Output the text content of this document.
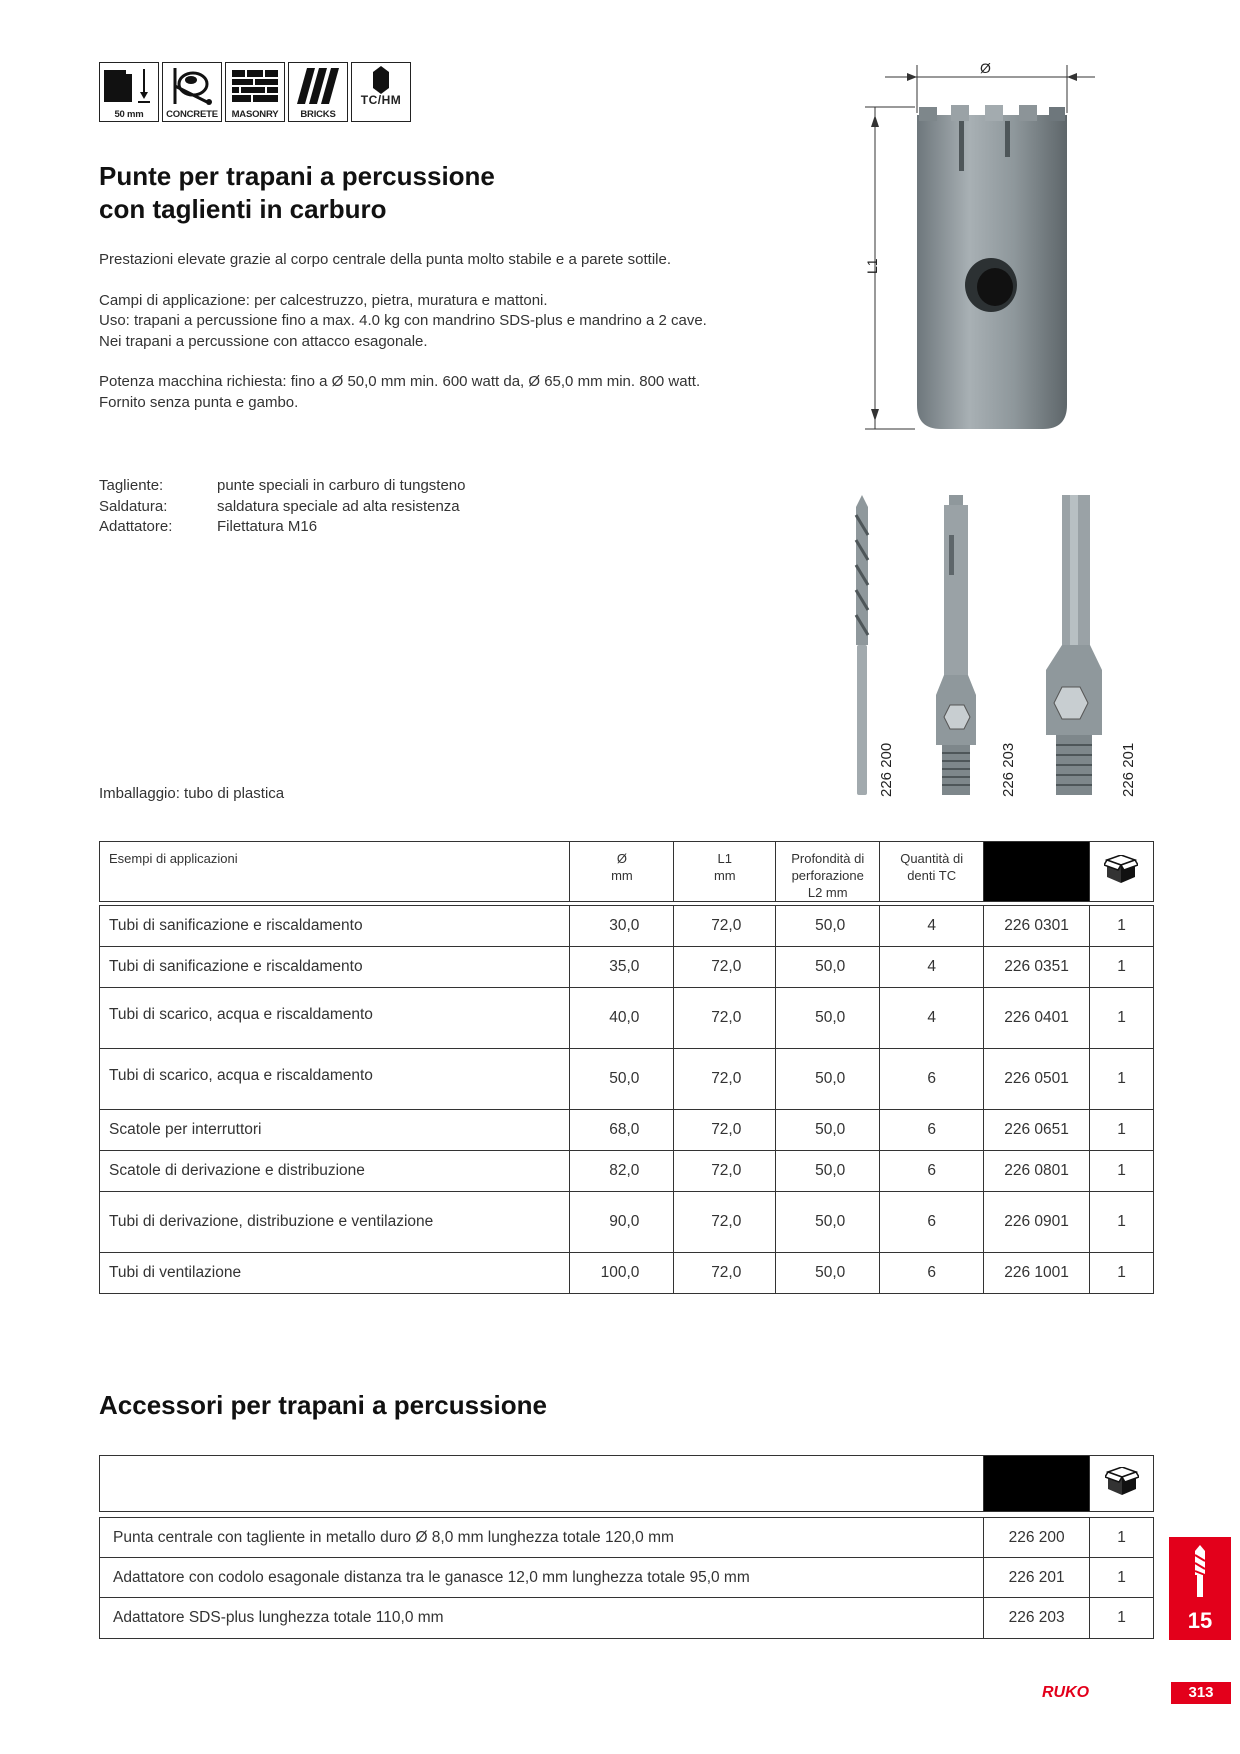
50 mm	CONCRETE	MASONRY	BRICKS
TC/HM
Punte per trapani a percussione
con taglienti in carburo

Prestazioni elevate grazie al corpo centrale della punta molto stabile e a parete sottile.

Campi di applicazione: per calcestruzzo, pietra, muratura e mattoni.

Uso: trapani a percussione fino a max. 4.0 kg con mandrino SDS-plus e mandrino a 2 cave.

Nei trapani a percussione con attacco esagonale.

Potenza macchina richiesta: fino a Ø 50,0 mm min. 600 watt da, Ø 65,0 mm min. 800 watt.

Fornito senza punta e gambo.

Tagliente:	punte speciali in carburo di tungsteno
Saldatura:	saldatura speciale ad alta resistenza
Adattatore:	Filettatura M16
Imballaggio: tubo di plastica
Ø
L1
226 200	226 203	226 201
Esempi di applicazioni	Ø
mm

L1
mm

Profondità di
perforazione
L2 mm

Quantità di
denti TC

Tubi di sanificazione e riscaldamento	30,0	72,0	50,0	4	226 0301	1
Tubi di sanificazione e riscaldamento	35,0	72,0	50,0	4	226 0351	1
Tubi di scarico, acqua e riscaldamento	40,0	72,0	50,0	4	226 0401	1
Tubi di scarico, acqua e riscaldamento	50,0	72,0	50,0	6	226 0501	1
Scatole per interruttori	68,0	72,0	50,0	6	226 0651	1
Scatole di derivazione e distribuzione	82,0	72,0	50,0	6	226 0801	1
Tubi di derivazione, distribuzione e ventilazione	90,0	72,0	50,0	6	226 0901	1
Tubi di ventilazione	100,0	72,0	50,0	6	226 1001	1
Accessori per trapani a percussione

Punta centrale con tagliente in metallo duro Ø 8,0 mm lunghezza totale 120,0 mm	226 200	1
Adattatore con codolo esagonale distanza tra le ganasce 12,0 mm lunghezza totale 95,0 mm	226 201	1
Adattatore SDS-plus lunghezza totale 110,0 mm	226 203	1	15
RUKO	313
